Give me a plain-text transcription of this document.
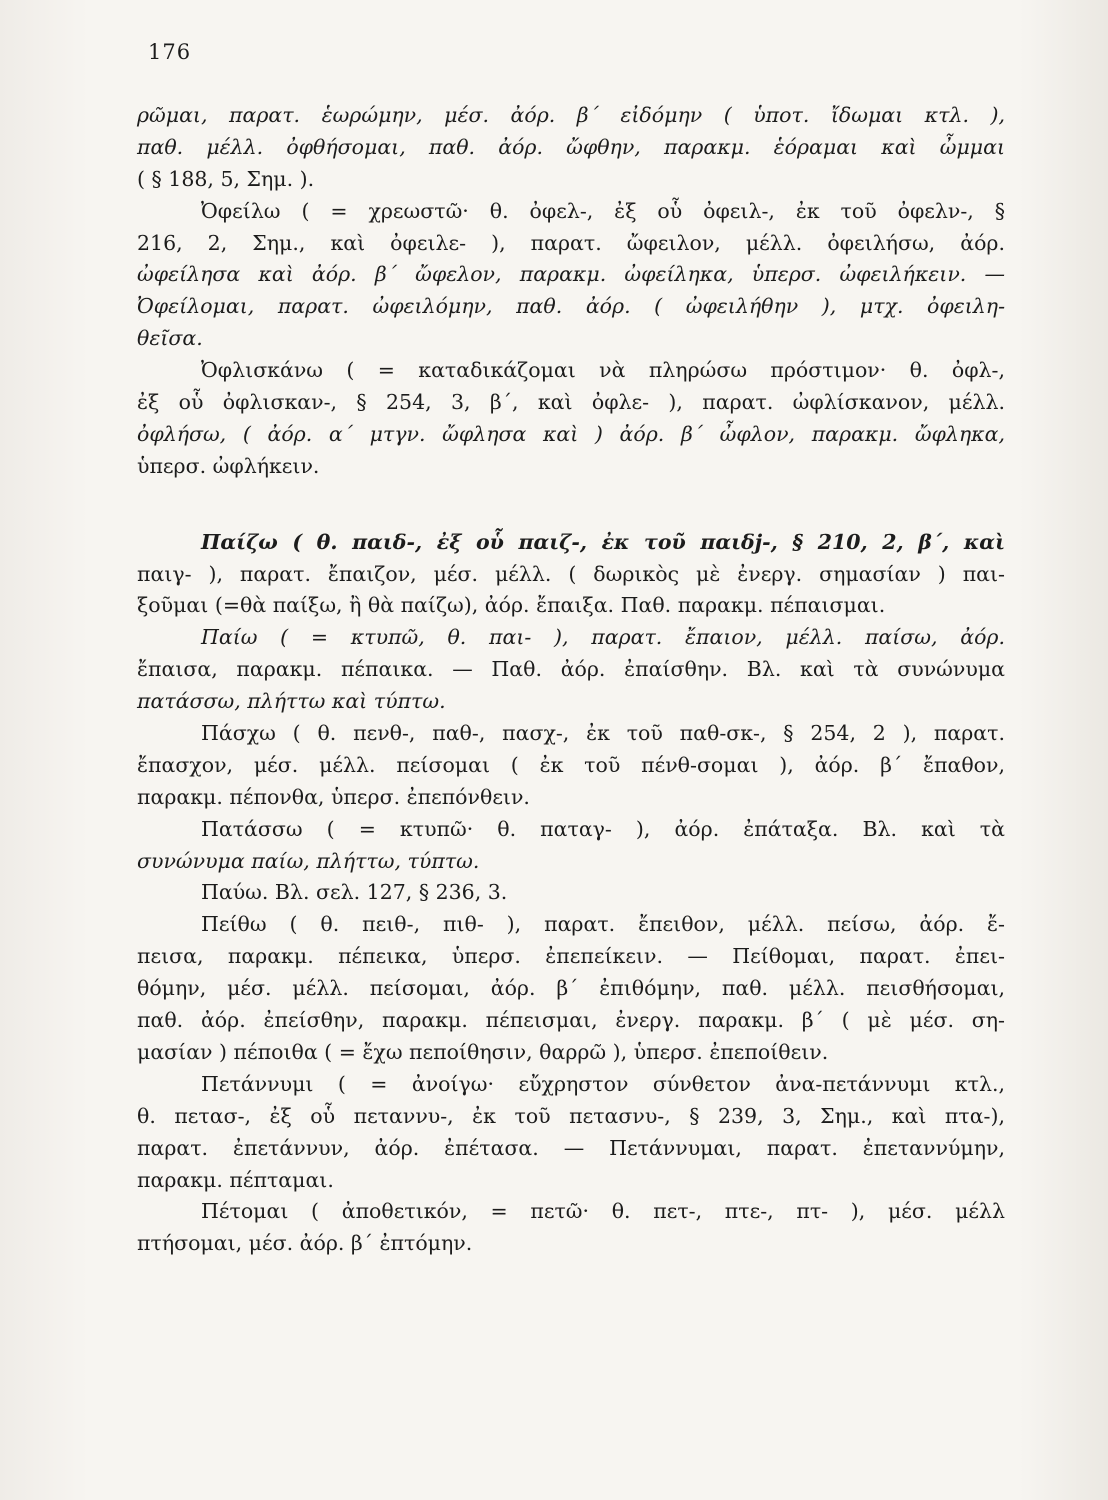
176
ρῶμαι, παρατ. ἑωρώμην, μέσ. ἀόρ. β΄ εἰδόμην ( ὑποτ. ἴδωμαι κτλ. ),
παθ. μέλλ. ὀφθήσομαι, παθ. ἀόρ. ὤφθην, παρακμ. ἑόραμαι καὶ ὦμμαι
( § 188, 5, Σημ. ).
Ὀφείλω ( = χρεωστῶ· θ. ὀφελ-, ἐξ οὗ ὀφειλ-, ἐκ τοῦ ὀφελν-, §
216, 2, Σημ., καὶ ὀφειλε- ), παρατ. ὤφειλον, μέλλ. ὀφειλήσω, ἀόρ.
ὠφείλησα καὶ ἀόρ. β΄ ὤφελον, παρακμ. ὠφείληκα, ὑπερσ. ὠφειλήκειν. —
Ὀφείλομαι, παρατ. ὠφειλόμην, παθ. ἀόρ. ( ὠφειλήθην ), μτχ. ὀφειλη-
θεῖσα.
Ὀφλισκάνω ( = καταδικάζομαι νὰ πληρώσω πρόστιμον· θ. ὀφλ-,
ἐξ οὗ ὀφλισκαν-, § 254, 3, β΄, καὶ ὀφλε- ), παρατ. ὠφλίσκανον, μέλλ.
ὀφλήσω, ( ἀόρ. α΄ μτγν. ὤφλησα καὶ ) ἀόρ. β΄ ὦφλον, παρακμ. ὤφληκα,
ὑπερσ. ὠφλήκειν.
Παίζω ( θ. παιδ-, ἐξ οὗ παιζ-, ἐκ τοῦ παιδj-, § 210, 2, β΄, καὶ
παιγ- ), παρατ. ἔπαιζον, μέσ. μέλλ. ( δωρικὸς μὲ ἐνεργ. σημασίαν ) παι-
ξοῦμαι (=θὰ παίξω, ἢ θὰ παίζω), ἀόρ. ἔπαιξα. Παθ. παρακμ. πέπαισμαι.
Παίω ( = κτυπῶ, θ. παι- ), παρατ. ἔπαιον, μέλλ. παίσω, ἀόρ.
ἔπαισα, παρακμ. πέπαικα. — Παθ. ἀόρ. ἐπαίσθην. Βλ. καὶ τὰ συνώνυμα
πατάσσω, πλήττω καὶ τύπτω.
Πάσχω ( θ. πενθ-, παθ-, πασχ-, ἐκ τοῦ παθ-σκ-, § 254, 2 ), παρατ.
ἔπασχον, μέσ. μέλλ. πείσομαι ( ἐκ τοῦ πένθ-σομαι ), ἀόρ. β΄ ἔπαθον,
παρακμ. πέπονθα, ὑπερσ. ἐπεπόνθειν.
Πατάσσω ( = κτυπῶ· θ. παταγ- ), ἀόρ. ἐπάταξα. Βλ. καὶ τὰ
συνώνυμα παίω, πλήττω, τύπτω.
Παύω. Βλ. σελ. 127, § 236, 3.
Πείθω ( θ. πειθ-, πιθ- ), παρατ. ἔπειθον, μέλλ. πείσω, ἀόρ. ἔ-
πεισα, παρακμ. πέπεικα, ὑπερσ. ἐπεπείκειν. — Πείθομαι, παρατ. ἐπει-
θόμην, μέσ. μέλλ. πείσομαι, ἀόρ. β΄ ἐπιθόμην, παθ. μέλλ. πεισθήσομαι,
παθ. ἀόρ. ἐπείσθην, παρακμ. πέπεισμαι, ἐνεργ. παρακμ. β΄ ( μὲ μέσ. ση-
μασίαν ) πέποιθα ( = ἔχω πεποίθησιν, θαρρῶ ), ὑπερσ. ἐπεποίθειν.
Πετάννυμι ( = ἀνοίγω· εὔχρηστον σύνθετον ἀνα-πετάννυμι κτλ.,
θ. πετασ-, ἐξ οὗ πεταννυ-, ἐκ τοῦ πετασνυ-, § 239, 3, Σημ., καὶ πτα-),
παρατ. ἐπετάννυν, ἀόρ. ἐπέτασα. — Πετάννυμαι, παρατ. ἐπεταννύμην,
παρακμ. πέπταμαι.
Πέτομαι ( ἀποθετικόν, = πετῶ· θ. πετ-, πτε-, πτ- ), μέσ. μέλλ
πτήσομαι, μέσ. ἀόρ. β΄ ἐπτόμην.
